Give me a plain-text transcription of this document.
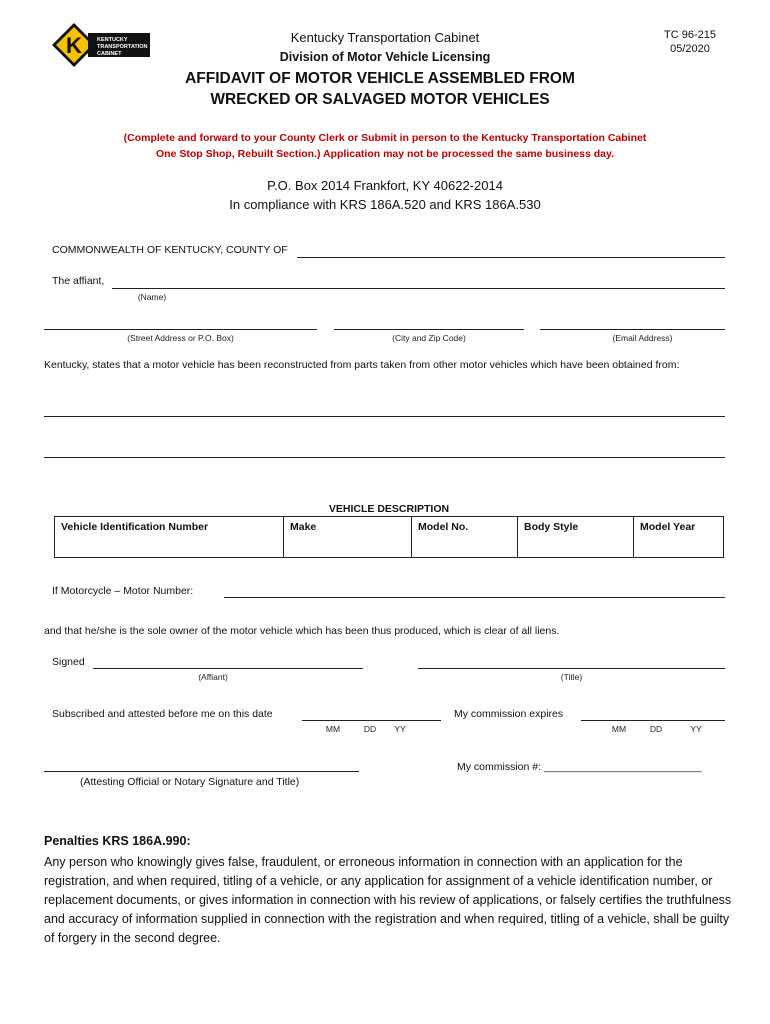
K	KENTUCKY
TRANSPORTATION
CABINET
Kentucky Transportation Cabinet
Division of Motor Vehicle Licensing
TC 96-215
05/2020
AFFIDAVIT OF MOTOR VEHICLE ASSEMBLED FROM
WRECKED OR SALVAGED MOTOR VEHICLES
(Complete and forward to your County Clerk or Submit in person to the Kentucky Transportation Cabinet
One Stop Shop, Rebuilt Section.) Application may not be processed the same business day.
P.O. Box 2014 Frankfort, KY 40622-2014
In compliance with KRS 186A.520 and KRS 186A.530
COMMONWEALTH OF KENTUCKY, COUNTY OF
The affiant,
(Name)
(Street Address or P.O. Box)	(City and Zip Code)	(Email Address)
Kentucky, states that a motor vehicle has been reconstructed from parts taken from other motor vehicles which have been obtained from:
VEHICLE DESCRIPTION
Vehicle Identification Number	Make	Model No.	Body Style	Model Year
If Motorcycle – Motor Number:
and that he/she is the sole owner of the motor vehicle which has been thus produced, which is clear of all liens.
Signed
(Affiant)	(Title)
Subscribed and attested before me on this date
MM	DD	YY
My commission expires
MM	DD	YY
(Attesting Official or Notary Signature and Title)
My commission #: ___________________________
Penalties KRS 186A.990:
Any person who knowingly gives false, fraudulent, or erroneous information in connection with an application for the registration, and when required, titling of a vehicle, or any application for assignment of a vehicle identification number, or replacement documents, or gives information in connection with his review of applications, or falsely certifies the truthfulness and accuracy of information supplied in connection with the registration and when required, titling of a vehicle, shall be guilty of forgery in the second degree.
